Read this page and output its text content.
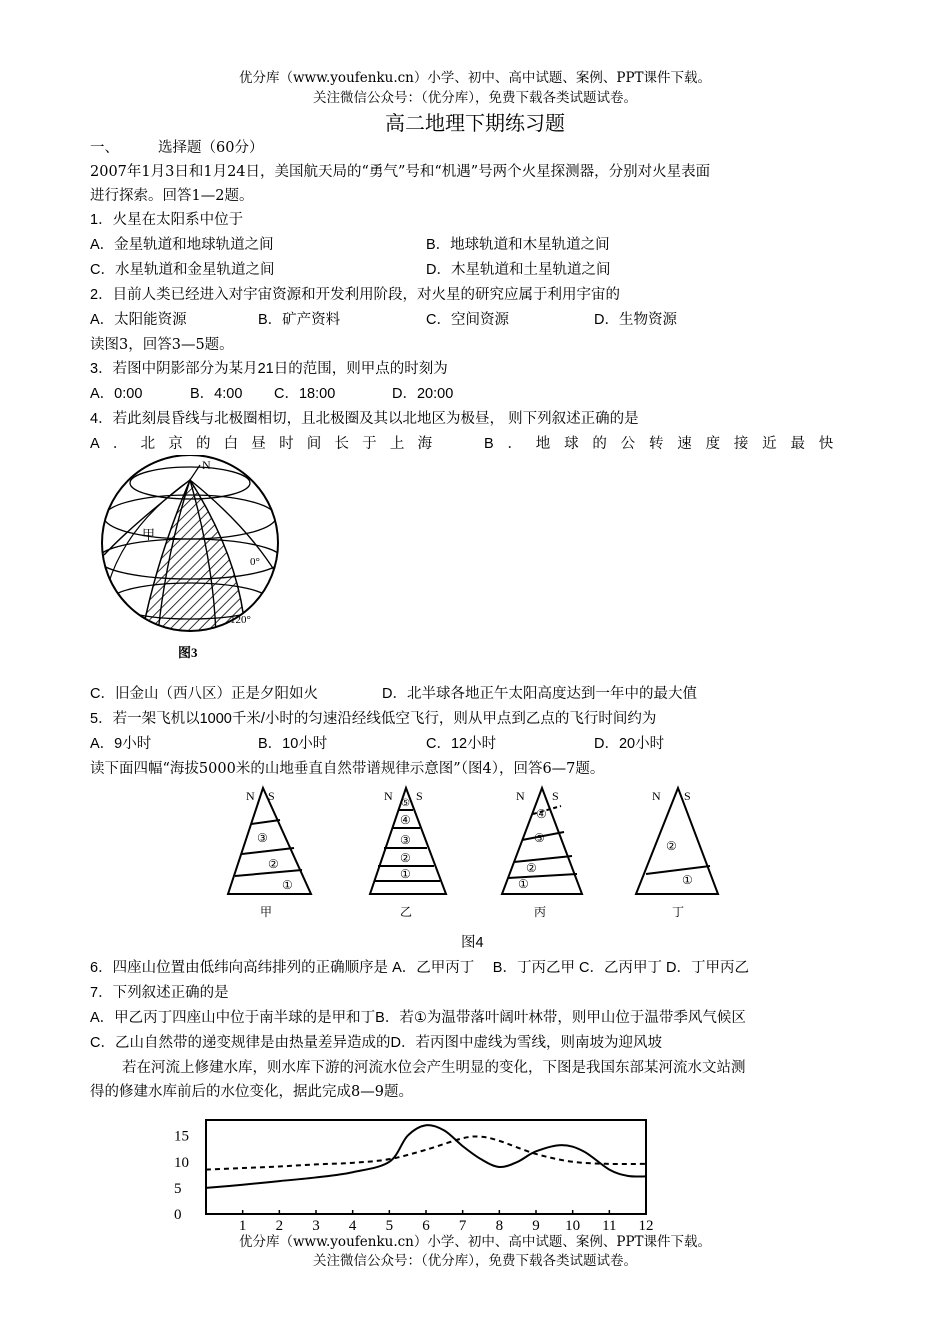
优分库（www.youfenku.cn）小学、初中、高中试题、案例、PPT课件下载。
关注微信公众号：（优分库），免费下载各类试题试卷。
高二地理下期练习题
一、	选择题（60分）
2007年1月3日和1月24日，美国航天局的“勇气”号和“机遇”号两个火星探测器，分别对火星表面
进行探索。回答1—2题。
1．火星在太阳系中位于
A．金星轨道和地球轨道之间	B．地球轨道和木星轨道之间
C．水星轨道和金星轨道之间	D．木星轨道和土星轨道之间
2．目前人类已经进入对宇宙资源和开发利用阶段，对火星的研究应属于利用宇宙的
A．太阳能资源	B．矿产资料	C．空间资源	D．生物资源
读图3，回答3—5题。
3．若图中阴影部分为某月21日的范围，则甲点的时刻为
A．0:00	B．4:00 C．18:00	D．20:00
4．若此刻晨昏线与北极圈相切，且北极圈及其以北地区为极昼， 则下列叙述正确的是
A．北京的白昼时间长于上海	B．地球的公转速度接近最快
N
甲
0°
120°
图3
C．旧金山（西八区）正是夕阳如火	D．北半球各地正午太阳高度达到一年中的最大值
5．若一架飞机以1000千米/小时的匀速沿经线低空飞行，则从甲点到乙点的飞行时间约为
A．9小时	B．10小时	C．12小时	D．20小时
读下面四幅“海拔5000米的山地垂直自然带谱规律示意图”（图4），回答6—7题。
N S
③
②
①
甲
N S
⑤
④
③
②
①
乙
N S
④
③
②
①
丙
N S
②
①
丁
图4
6．四座山位置由低纬向高纬排列的正确顺序是 A．乙甲丙丁　 B．丁丙乙甲 C．乙丙甲丁 D．丁甲丙乙
7．下列叙述正确的是
A．甲乙丙丁四座山中位于南半球的是甲和丁B．若①为温带落叶阔叶林带，则甲山位于温带季风气候区
C．乙山自然带的递变规律是由热量差异造成的D．若丙图中虚线为雪线，则南坡为迎风坡
若在河流上修建水库，则水库下游的河流水位会产生明显的变化，下图是我国东部某河流水文站测
得的修建水库前后的水位变化，据此完成8—9题。
0
5
10
15
1 2 3 4 5 6 7 8 9 10 11 12
优分库（www.youfenku.cn）小学、初中、高中试题、案例、PPT课件下载。
关注微信公众号：（优分库），免费下载各类试题试卷。
